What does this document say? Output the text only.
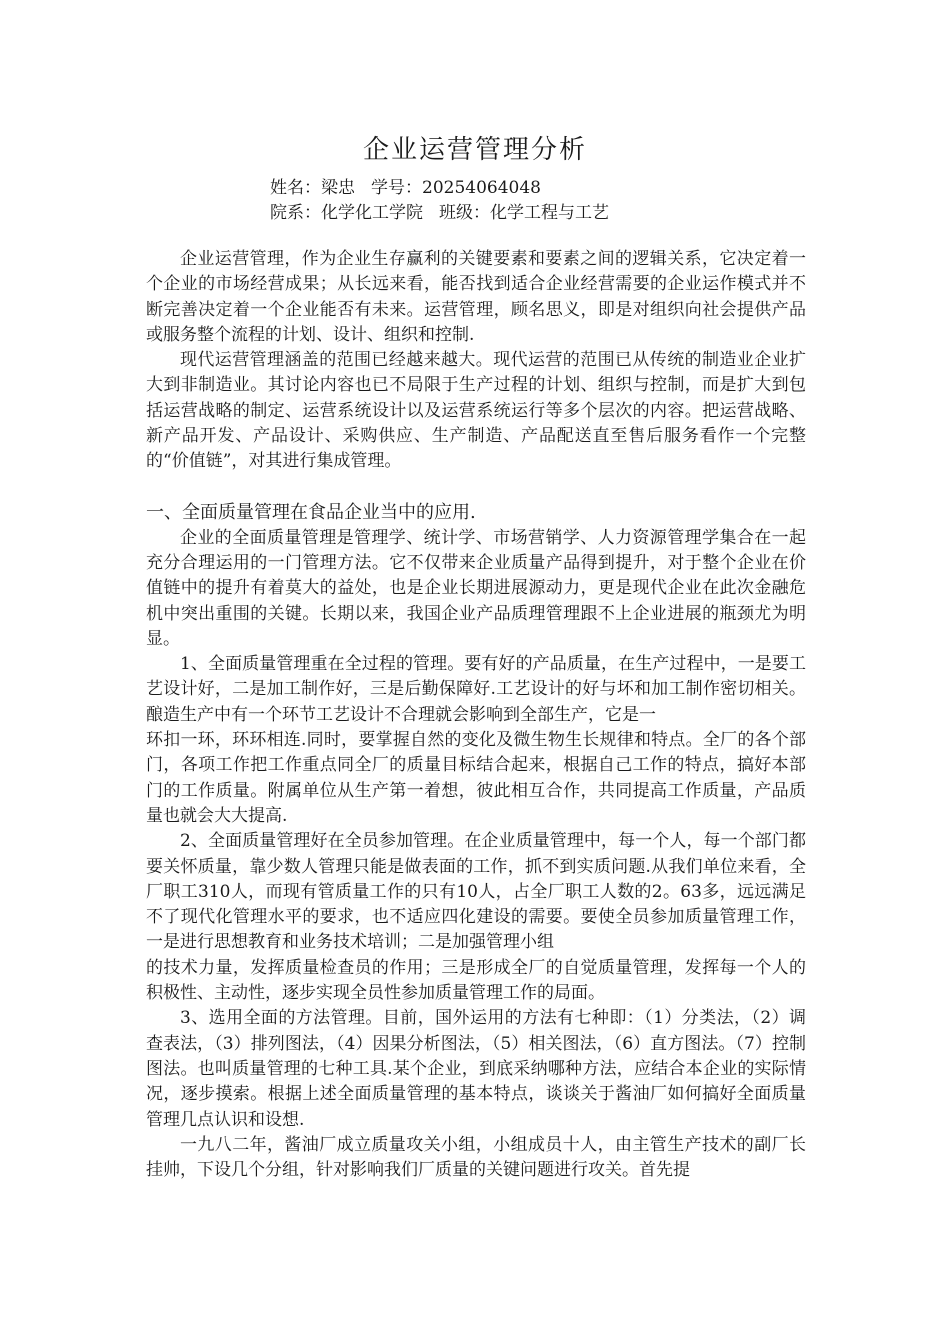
企业运营管理分析
姓名：梁忠 学号：20254064048
院系：化学化工学院 班级：化学工程与工艺

企业运营管理，作为企业生存赢利的关键要素和要素之间的逻辑关系，它决定着一个企业的市场经营成果；从长远来看，能否找到适合企业经营需要的企业运作模式并不断完善决定着一个企业能否有未来。运营管理，顾名思义，即是对组织向社会提供产品或服务整个流程的计划、设计、组织和控制.

现代运营管理涵盖的范围已经越来越大。现代运营的范围已从传统的制造业企业扩大到非制造业。其讨论内容也已不局限于生产过程的计划、组织与控制，而是扩大到包括运营战略的制定、运营系统设计以及运营系统运行等多个层次的内容。把运营战略、新产品开发、产品设计、采购供应、生产制造、产品配送直至售后服务看作一个完整的“价值链”，对其进行集成管理。

一、全面质量管理在食品企业当中的应用.

企业的全面质量管理是管理学、统计学、市场营销学、人力资源管理学集合在一起充分合理运用的一门管理方法。它不仅带来企业质量产品得到提升，对于整个企业在价值链中的提升有着莫大的益处，也是企业长期进展源动力，更是现代企业在此次金融危机中突出重围的关键。长期以来，我国企业产品质理管理跟不上企业进展的瓶颈尤为明显。

1、全面质量管理重在全过程的管理。要有好的产品质量，在生产过程中，一是要工艺设计好，二是加工制作好，三是后勤保障好.工艺设计的好与坏和加工制作密切相关。酿造生产中有一个环节工艺设计不合理就会影响到全部生产，它是一

环扣一环，环环相连.同时，要掌握自然的变化及微生物生长规律和特点。全厂的各个部门，各项工作把工作重点同全厂的质量目标结合起来，根据自己工作的特点，搞好本部门的工作质量。附属单位从生产第一着想，彼此相互合作，共同提高工作质量，产品质量也就会大大提高.

2、全面质量管理好在全员参加管理。在企业质量管理中，每一个人，每一个部门都要关怀质量，靠少数人管理只能是做表面的工作，抓不到实质问题.从我们单位来看，全厂职工310人，而现有管质量工作的只有10人，占全厂职工人数的2。63多，远远满足不了现代化管理水平的要求，也不适应四化建设的需要。要使全员参加质量管理工作，一是进行思想教育和业务技术培训；二是加强管理小组

的技术力量，发挥质量检查员的作用；三是形成全厂的自觉质量管理，发挥每一个人的积极性、主动性，逐步实现全员性参加质量管理工作的局面。

3、选用全面的方法管理。目前，国外运用的方法有七种即：（1）分类法，（2）调查表法，（3）排列图法，（4）因果分析图法，（5）相关图法，（6）直方图法。（7）控制图法。也叫质量管理的七种工具.某个企业，到底采纳哪种方法，应结合本企业的实际情况，逐步摸索。根据上述全面质量管理的基本特点，谈谈关于酱油厂如何搞好全面质量管理几点认识和设想.

一九八二年，酱油厂成立质量攻关小组，小组成员十人，由主管生产技术的副厂长挂帅，下设几个分组，针对影响我们厂质量的关键问题进行攻关。首先提
